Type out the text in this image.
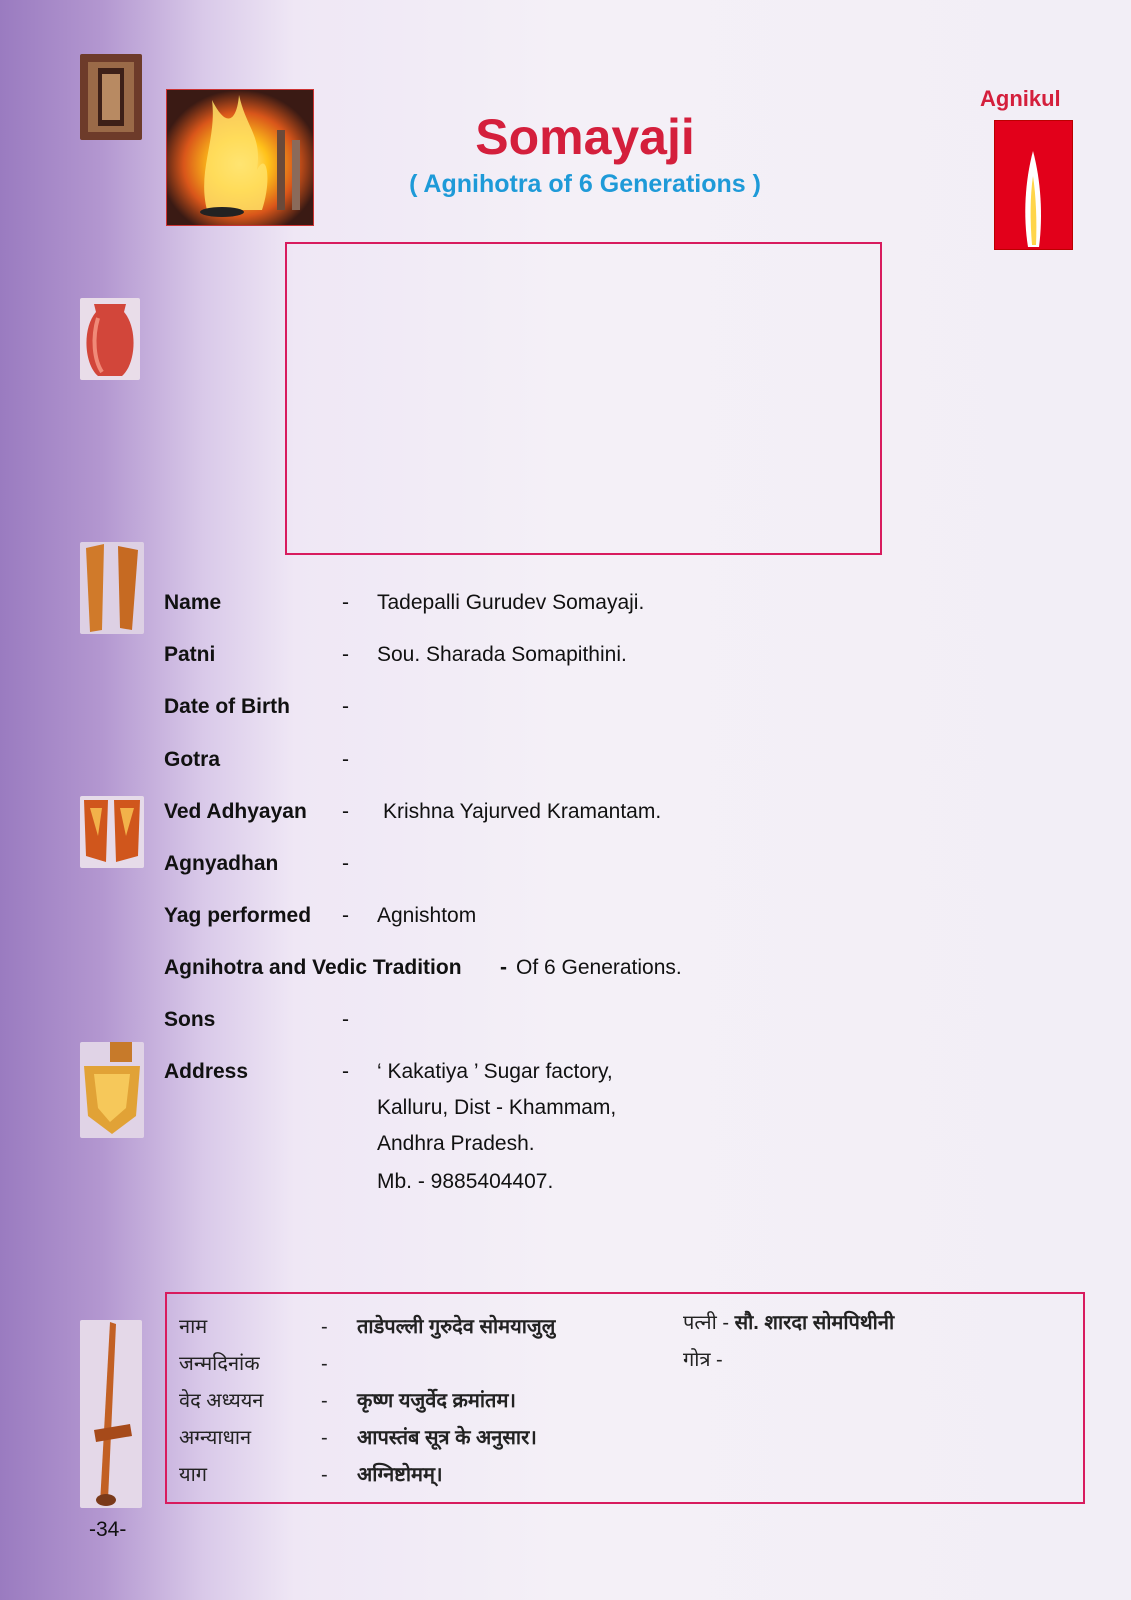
Somayaji
( Agnihotra of 6 Generations )
Agnikul
Name	- Tadepalli Gurudev Somayaji.
Patni	- Sou. Sharada Somapithini.
Date of Birth -
Gotra	-
Ved Adhyayan - Krishna Yajurved Kramantam.
Agnyadhan	-
Yag performed - Agnishtom
Agnihotra and Vedic Tradition - Of 6 Generations.
Sons	-
Address	- ‘ Kakatiya ’ Sugar factory,
Kalluru, Dist - Khammam,
Andhra Pradesh.
Mb. - 9885404407.
नाम	- ताडेपल्ली गुरुदेव सोमयाजुलु
जन्मदिनांक	-
वेद अध्ययन	- कृष्ण यजुर्वेद क्रमांतम।
अग्न्याधान	- आपस्तंब सूत्र के अनुसार।
याग	- अग्निष्टोमम्।
पत्नी - सौ. शारदा सोमपिथीनी
गोत्र -
-34-
